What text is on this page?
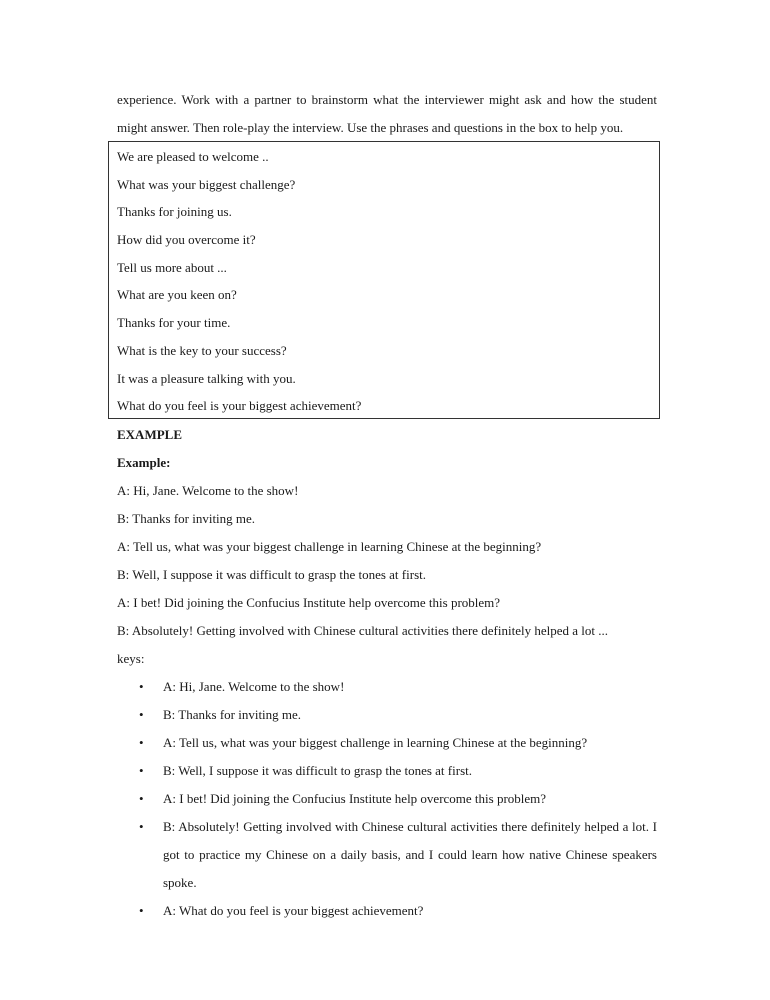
experience. Work with a partner to brainstorm what the interviewer might ask and how the student
might answer. Then role-play the interview. Use the phrases and questions in the box to help you.
We are pleased to welcome ..
What was your biggest challenge?
Thanks for joining us.
How did you overcome it?
Tell us more about ...
What are you keen on?
Thanks for your time.
What is the key to your success?
It was a pleasure talking with you.
What do you feel is your biggest achievement?
EXAMPLE
Example:
A: Hi, Jane. Welcome to the show!
B: Thanks for inviting me.
A: Tell us, what was your biggest challenge in learning Chinese at the beginning?
B: Well, I suppose it was difficult to grasp the tones at first.
A: I bet! Did joining the Confucius Institute help overcome this problem?
B: Absolutely! Getting involved with Chinese cultural activities there definitely helped a lot ...
keys:
•	A: Hi, Jane. Welcome to the show!
•	B: Thanks for inviting me.
•	A: Tell us, what was your biggest challenge in learning Chinese at the beginning?
•	B: Well, I suppose it was difficult to grasp the tones at first.
•	A: I bet! Did joining the Confucius Institute help overcome this problem?
•	B: Absolutely! Getting involved with Chinese cultural activities there definitely helped a lot. I got to practice my Chinese on a daily basis, and I could learn how native Chinese speakers spoke.
•	A: What do you feel is your biggest achievement?
